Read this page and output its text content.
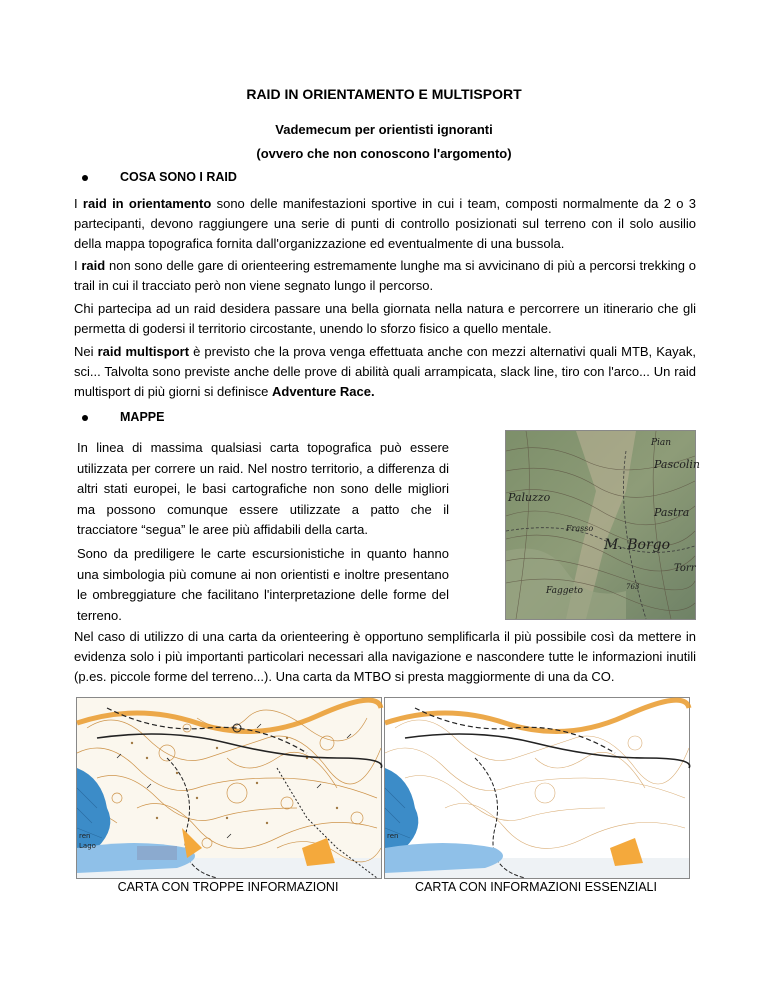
RAID IN ORIENTAMENTO E MULTISPORT
Vademecum per orientisti ignoranti
(ovvero che non conoscono l'argomento)
COSA SONO I RAID
I raid in orientamento sono delle manifestazioni sportive in cui i team, composti normalmente da 2 o 3 partecipanti, devono raggiungere una serie di punti di controllo posizionati sul terreno con il solo ausilio della mappa topografica fornita dall'organizzazione ed eventualmente di una bussola.
I raid non sono delle gare di orienteering estremamente lunghe ma si avvicinano di più a percorsi trekking o trail in cui il tracciato però non viene segnato lungo il percorso.
Chi partecipa ad un raid desidera passare una bella giornata nella natura e percorrere un itinerario che gli permetta di godersi il territorio circostante, unendo lo sforzo fisico a quello mentale.
Nei raid multisport è previsto che la prova venga effettuata anche con mezzi alternativi quali MTB, Kayak, sci... Talvolta sono previste anche delle prove di abilità quali arrampicata, slack line, tiro con l'arco... Un raid multisport di più giorni si definisce Adventure Race.
MAPPE
In linea di massima qualsiasi carta topografica può essere utilizzata per correre un raid. Nel nostro territorio, a differenza di altri stati europei, le basi cartografiche non sono delle migliori ma possono comunque essere utilizzate a patto che il tracciatore “segua” le aree più affidabili della carta.
Sono da prediligere le carte escursionistiche in quanto hanno una simbologia più comune ai non orientisti e inoltre presentano le ombreggiature che facilitano l'interpretazione delle forme del terreno.
Pian
Pascolin
Paluzzo
Pastra
Frasso
M. Borgo
Faggeto	763
Torr
Nel caso di utilizzo di una carta da orienteering è opportuno semplificarla il più possibile così da mettere in evidenza solo i più importanti particolari necessari alla navigazione e nascondere tutte le informazioni inutili (p.es. piccole forme del terreno...). Una carta da MTBO si presta maggiormente di una da CO.
Lago
ren	ren
CARTA CON TROPPE INFORMAZIONI	CARTA CON INFORMAZIONI ESSENZIALI
